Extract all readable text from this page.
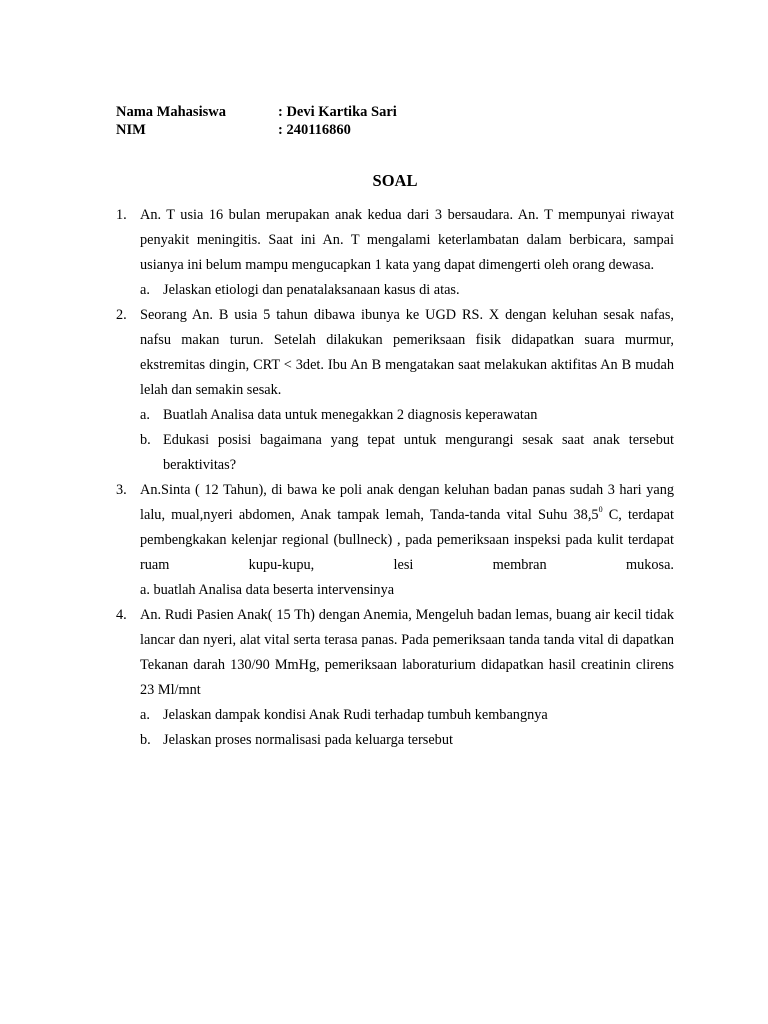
Nama Mahasiswa	: Devi Kartika Sari
NIM	: 240116860
SOAL
1. An. T usia 16 bulan merupakan anak kedua dari 3 bersaudara. An. T mempunyai riwayat penyakit meningitis. Saat ini An. T mengalami keterlambatan dalam berbicara, sampai usianya ini belum mampu mengucapkan 1 kata yang dapat dimengerti oleh orang dewasa.
a. Jelaskan etiologi dan penatalaksanaan kasus di atas.
2. Seorang An. B usia 5 tahun dibawa ibunya ke UGD RS. X dengan keluhan sesak nafas, nafsu makan turun. Setelah dilakukan pemeriksaan fisik didapatkan suara murmur, ekstremitas dingin, CRT < 3det. Ibu An B mengatakan saat melakukan aktifitas An B mudah lelah dan semakin sesak.
a. Buatlah Analisa data untuk menegakkan 2 diagnosis keperawatan
b. Edukasi posisi bagaimana yang tepat untuk mengurangi sesak saat anak tersebut beraktivitas?
3. An.Sinta ( 12 Tahun), di bawa ke poli anak dengan keluhan badan panas sudah 3 hari yang lalu, mual,nyeri abdomen, Anak tampak lemah, Tanda-tanda vital Suhu 38,5$^0$ C, terdapat pembengkakan kelenjar regional (bullneck) , pada pemeriksaan inspeksi pada kulit terdapat ruam kupu-kupu, lesi membran mukosa.
a. buatlah Analisa data beserta intervensinya
4. An. Rudi Pasien Anak( 15 Th) dengan Anemia, Mengeluh badan lemas, buang air kecil tidak lancar dan nyeri, alat vital serta terasa panas. Pada pemeriksaan tanda tanda vital di dapatkan Tekanan darah 130/90 MmHg, pemeriksaan laboraturium didapatkan hasil creatinin clirens 23 Ml/mnt
a. Jelaskan dampak kondisi Anak Rudi terhadap tumbuh kembangnya
b. Jelaskan proses normalisasi pada keluarga tersebut
